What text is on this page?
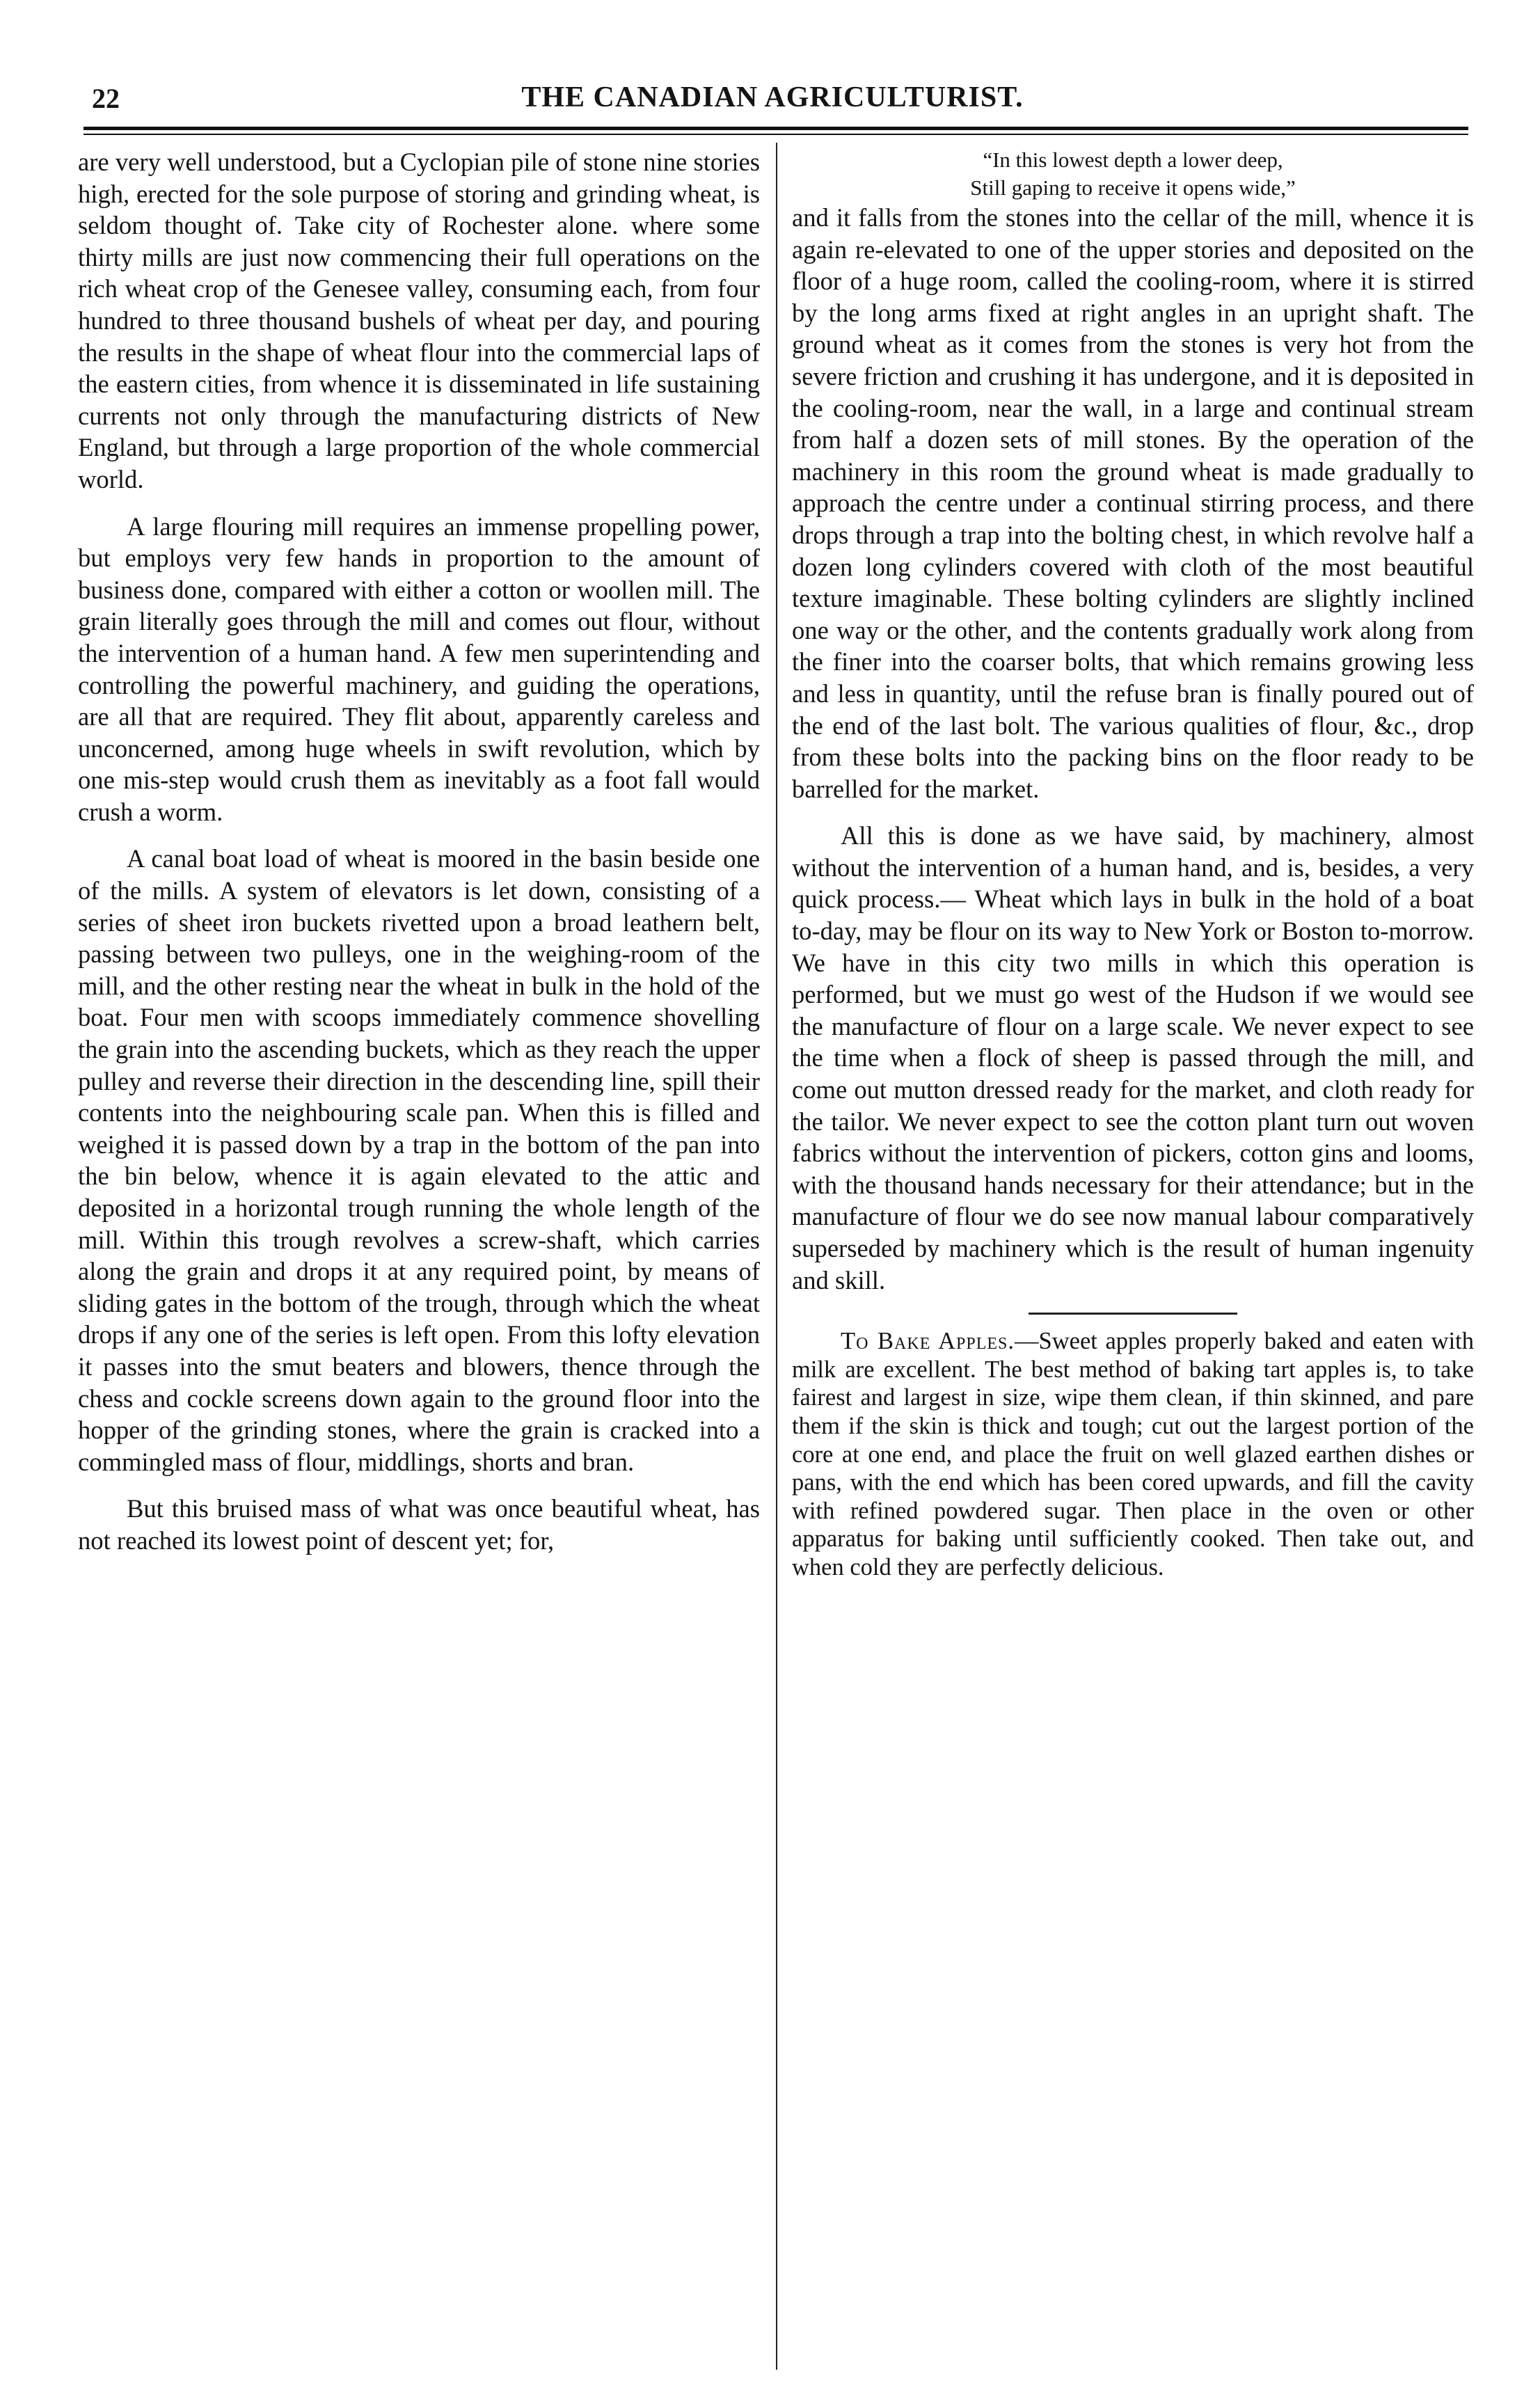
22	THE CANADIAN AGRICULTURIST.

are very well understood, but a Cyclopian pile of stone nine stories high, erected for the sole purpose of storing and grinding wheat, is seldom thought of. Take city of Rochester alone. where some thirty mills are just now commencing their full operations on the rich wheat crop of the Genesee valley, consuming each, from four hundred to three thousand bushels of wheat per day, and pouring the results in the shape of wheat flour into the commercial laps of the eastern cities, from whence it is disseminated in life sustaining currents not only through the manufacturing districts of New England, but through a large proportion of the whole commercial world.

A large flouring mill requires an immense propelling power, but employs very few hands in proportion to the amount of business done, compared with either a cotton or woollen mill. The grain literally goes through the mill and comes out flour, without the intervention of a human hand. A few men superintending and controlling the powerful machinery, and guiding the operations, are all that are required. They flit about, apparently careless and unconcerned, among huge wheels in swift revolution, which by one mis-step would crush them as inevitably as a foot fall would crush a worm.

A canal boat load of wheat is moored in the basin beside one of the mills. A system of elevators is let down, consisting of a series of sheet iron buckets rivetted upon a broad leathern belt, passing between two pulleys, one in the weighing-room of the mill, and the other resting near the wheat in bulk in the hold of the boat. Four men with scoops immediately commence shovelling the grain into the ascending buckets, which as they reach the upper pulley and reverse their direction in the descending line, spill their contents into the neighbouring scale pan. When this is filled and weighed it is passed down by a trap in the bottom of the pan into the bin below, whence it is again elevated to the attic and deposited in a horizontal trough running the whole length of the mill. Within this trough revolves a screw-shaft, which carries along the grain and drops it at any required point, by means of sliding gates in the bottom of the trough, through which the wheat drops if any one of the series is left open. From this lofty elevation it passes into the smut beaters and blowers, thence through the chess and cockle screens down again to the ground floor into the hopper of the grinding stones, where the grain is cracked into a commingled mass of flour, middlings, shorts and bran.

But this bruised mass of what was once beautiful wheat, has not reached its lowest point of descent yet; for,

“In this lowest depth a lower deep,
Still gaping to receive it opens wide,”

and it falls from the stones into the cellar of the mill, whence it is again re-elevated to one of the upper stories and deposited on the floor of a huge room, called the cooling-room, where it is stirred by the long arms fixed at right angles in an upright shaft. The ground wheat as it comes from the stones is very hot from the severe friction and crushing it has undergone, and it is deposited in the cooling-room, near the wall, in a large and continual stream from half a dozen sets of mill stones. By the operation of the machinery in this room the ground wheat is made gradually to approach the centre under a continual stirring process, and there drops through a trap into the bolting chest, in which revolve half a dozen long cylinders covered with cloth of the most beautiful texture imaginable. These bolting cylinders are slightly inclined one way or the other, and the contents gradually work along from the finer into the coarser bolts, that which remains growing less and less in quantity, until the refuse bran is finally poured out of the end of the last bolt. The various qualities of flour, &c., drop from these bolts into the packing bins on the floor ready to be barrelled for the market.

All this is done as we have said, by machinery, almost without the intervention of a human hand, and is, besides, a very quick process.— Wheat which lays in bulk in the hold of a boat to-day, may be flour on its way to New York or Boston to-morrow. We have in this city two mills in which this operation is performed, but we must go west of the Hudson if we would see the manufacture of flour on a large scale. We never expect to see the time when a flock of sheep is passed through the mill, and come out mutton dressed ready for the market, and cloth ready for the tailor. We never expect to see the cotton plant turn out woven fabrics without the intervention of pickers, cotton gins and looms, with the thousand hands necessary for their attendance; but in the manufacture of flour we do see now manual labour comparatively superseded by machinery which is the result of human ingenuity and skill.

To Bake Apples.—Sweet apples properly baked and eaten with milk are excellent. The best method of baking tart apples is, to take fairest and largest in size, wipe them clean, if thin skinned, and pare them if the skin is thick and tough; cut out the largest portion of the core at one end, and place the fruit on well glazed earthen dishes or pans, with the end which has been cored upwards, and fill the cavity with refined powdered sugar. Then place in the oven or other apparatus for baking until sufficiently cooked. Then take out, and when cold they are perfectly delicious.
